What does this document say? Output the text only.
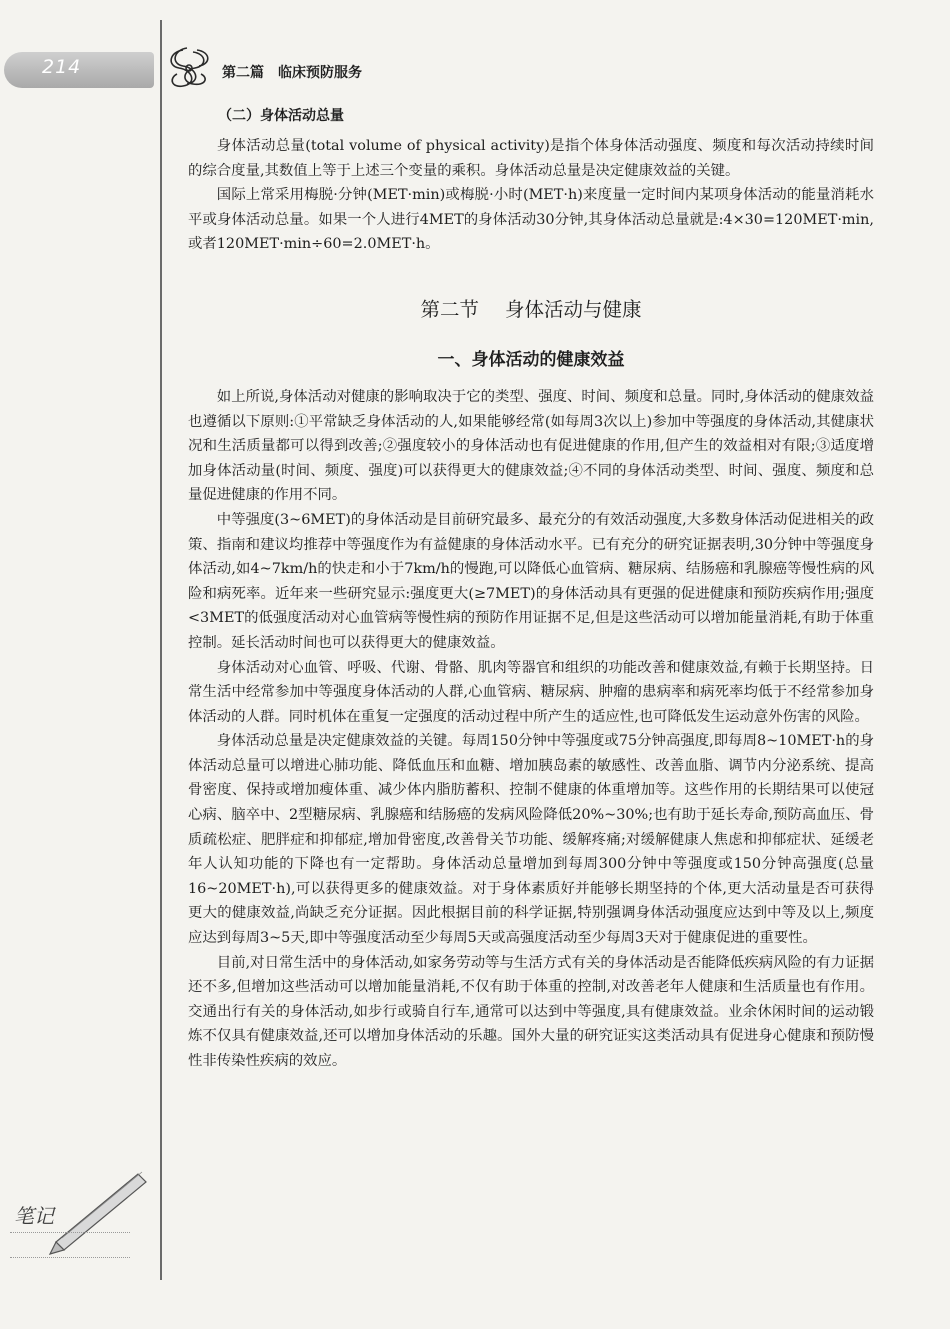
214	第二篇　临床预防服务
（二）身体活动总量

身体活动总量(total volume of physical activity)是指个体身体活动强度、频度和每次活动持续时间的综合度量,其数值上等于上述三个变量的乘积。身体活动总量是决定健康效益的关键。

国际上常采用梅脱·分钟(MET·min)或梅脱·小时(MET·h)来度量一定时间内某项身体活动的能量消耗水平或身体活动总量。如果一个人进行4MET的身体活动30分钟,其身体活动总量就是:4×30=120MET·min,或者120MET·min÷60=2.0MET·h。

第二节 身体活动与健康
一、身体活动的健康效益

如上所说,身体活动对健康的影响取决于它的类型、强度、时间、频度和总量。同时,身体活动的健康效益也遵循以下原则:①平常缺乏身体活动的人,如果能够经常(如每周3次以上)参加中等强度的身体活动,其健康状况和生活质量都可以得到改善;②强度较小的身体活动也有促进健康的作用,但产生的效益相对有限;③适度增加身体活动量(时间、频度、强度)可以获得更大的健康效益;④不同的身体活动类型、时间、强度、频度和总量促进健康的作用不同。

中等强度(3~6MET)的身体活动是目前研究最多、最充分的有效活动强度,大多数身体活动促进相关的政策、指南和建议均推荐中等强度作为有益健康的身体活动水平。已有充分的研究证据表明,30分钟中等强度身体活动,如4~7km/h的快走和小于7km/h的慢跑,可以降低心血管病、糖尿病、结肠癌和乳腺癌等慢性病的风险和病死率。近年来一些研究显示:强度更大(≥7MET)的身体活动具有更强的促进健康和预防疾病作用;强度<3MET的低强度活动对心血管病等慢性病的预防作用证据不足,但是这些活动可以增加能量消耗,有助于体重控制。延长活动时间也可以获得更大的健康效益。

身体活动对心血管、呼吸、代谢、骨骼、肌肉等器官和组织的功能改善和健康效益,有赖于长期坚持。日常生活中经常参加中等强度身体活动的人群,心血管病、糖尿病、肿瘤的患病率和病死率均低于不经常参加身体活动的人群。同时机体在重复一定强度的活动过程中所产生的适应性,也可降低发生运动意外伤害的风险。

身体活动总量是决定健康效益的关键。每周150分钟中等强度或75分钟高强度,即每周8~10MET·h的身体活动总量可以增进心肺功能、降低血压和血糖、增加胰岛素的敏感性、改善血脂、调节内分泌系统、提高骨密度、保持或增加瘦体重、减少体内脂肪蓄积、控制不健康的体重增加等。这些作用的长期结果可以使冠心病、脑卒中、2型糖尿病、乳腺癌和结肠癌的发病风险降低20%~30%;也有助于延长寿命,预防高血压、骨质疏松症、肥胖症和抑郁症,增加骨密度,改善骨关节功能、缓解疼痛;对缓解健康人焦虑和抑郁症状、延缓老年人认知功能的下降也有一定帮助。身体活动总量增加到每周300分钟中等强度或150分钟高强度(总量16~20MET·h),可以获得更多的健康效益。对于身体素质好并能够长期坚持的个体,更大活动量是否可获得更大的健康效益,尚缺乏充分证据。因此根据目前的科学证据,特别强调身体活动强度应达到中等及以上,频度应达到每周3~5天,即中等强度活动至少每周5天或高强度活动至少每周3天对于健康促进的重要性。

目前,对日常生活中的身体活动,如家务劳动等与生活方式有关的身体活动是否能降低疾病风险的有力证据还不多,但增加这些活动可以增加能量消耗,不仅有助于体重的控制,对改善老年人健康和生活质量也有作用。交通出行有关的身体活动,如步行或骑自行车,通常可以达到中等强度,具有健康效益。业余休闲时间的运动锻炼不仅具有健康效益,还可以增加身体活动的乐趣。国外大量的研究证实这类活动具有促进身心健康和预防慢性非传染性疾病的效应。

笔记
